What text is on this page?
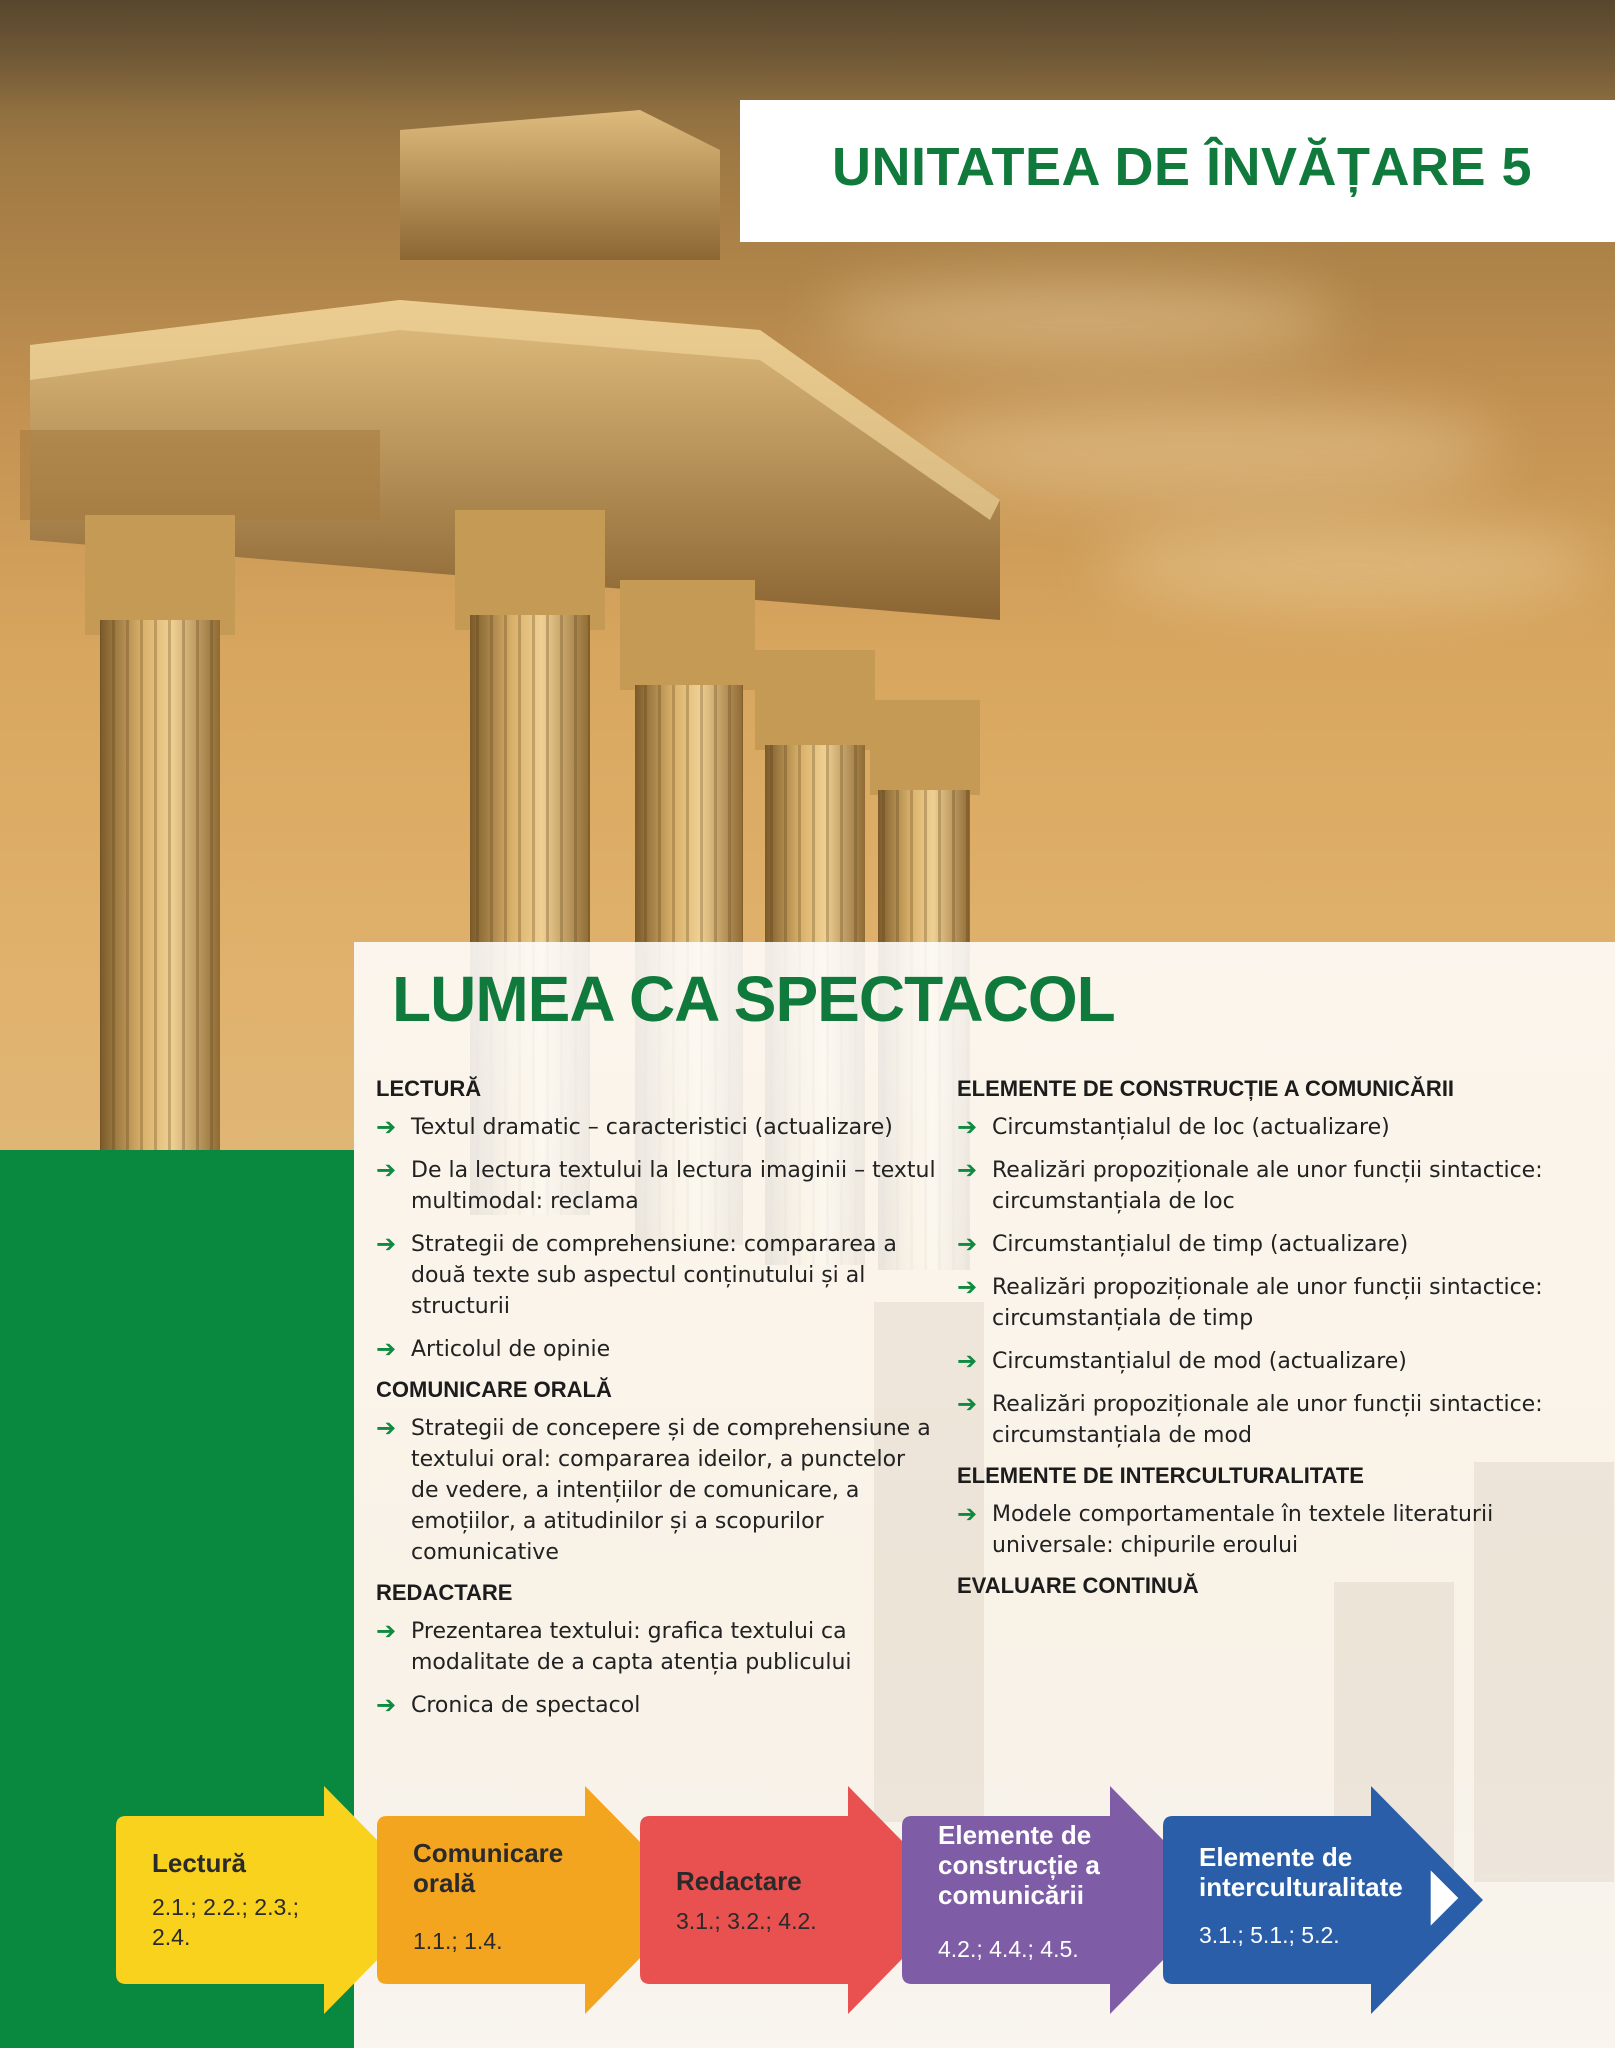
UNITATEA DE ÎNVĂȚARE 5
LUMEA CA SPECTACOL
LECTURĂ
➔ Textul dramatic – caracteristici (actualizare)
➔ De la lectura textului la lectura imaginii – textul multimodal: reclama
➔ Strategii de comprehensiune: compararea a două texte sub aspectul conținutului și al structurii
➔ Articolul de opinie
COMUNICARE ORALĂ
➔ Strategii de concepere și de comprehensiune a textului oral: compararea ideilor, a punctelor de vedere, a intențiilor de comunicare, a emoțiilor, a atitudinilor și a scopurilor comunicative
REDACTARE
➔ Prezentarea textului: grafica textului ca modalitate de a capta atenția publicului
➔ Cronica de spectacol
ELEMENTE DE CONSTRUCȚIE A COMUNICĂRII
➔ Circumstanțialul de loc (actualizare)
➔ Realizări propoziționale ale unor funcții sintactice: circumstanțiala de loc
➔ Circumstanțialul de timp (actualizare)
➔ Realizări propoziționale ale unor funcții sintactice: circumstanțiala de timp
➔ Circumstanțialul de mod (actualizare)
➔ Realizări propoziționale ale unor funcții sintactice: circumstanțiala de mod
ELEMENTE DE INTERCULTURALITATE
➔ Modele comportamentale în textele literaturii universale: chipurile eroului
EVALUARE CONTINUĂ
Lectură
2.1.; 2.2.; 2.3.; 2.4.
Comunicare orală
1.1.; 1.4.
Redactare
3.1.; 3.2.; 4.2.
Elemente de construcție a comunicării
4.2.; 4.4.; 4.5.
Elemente de interculturalitate
3.1.; 5.1.; 5.2.
